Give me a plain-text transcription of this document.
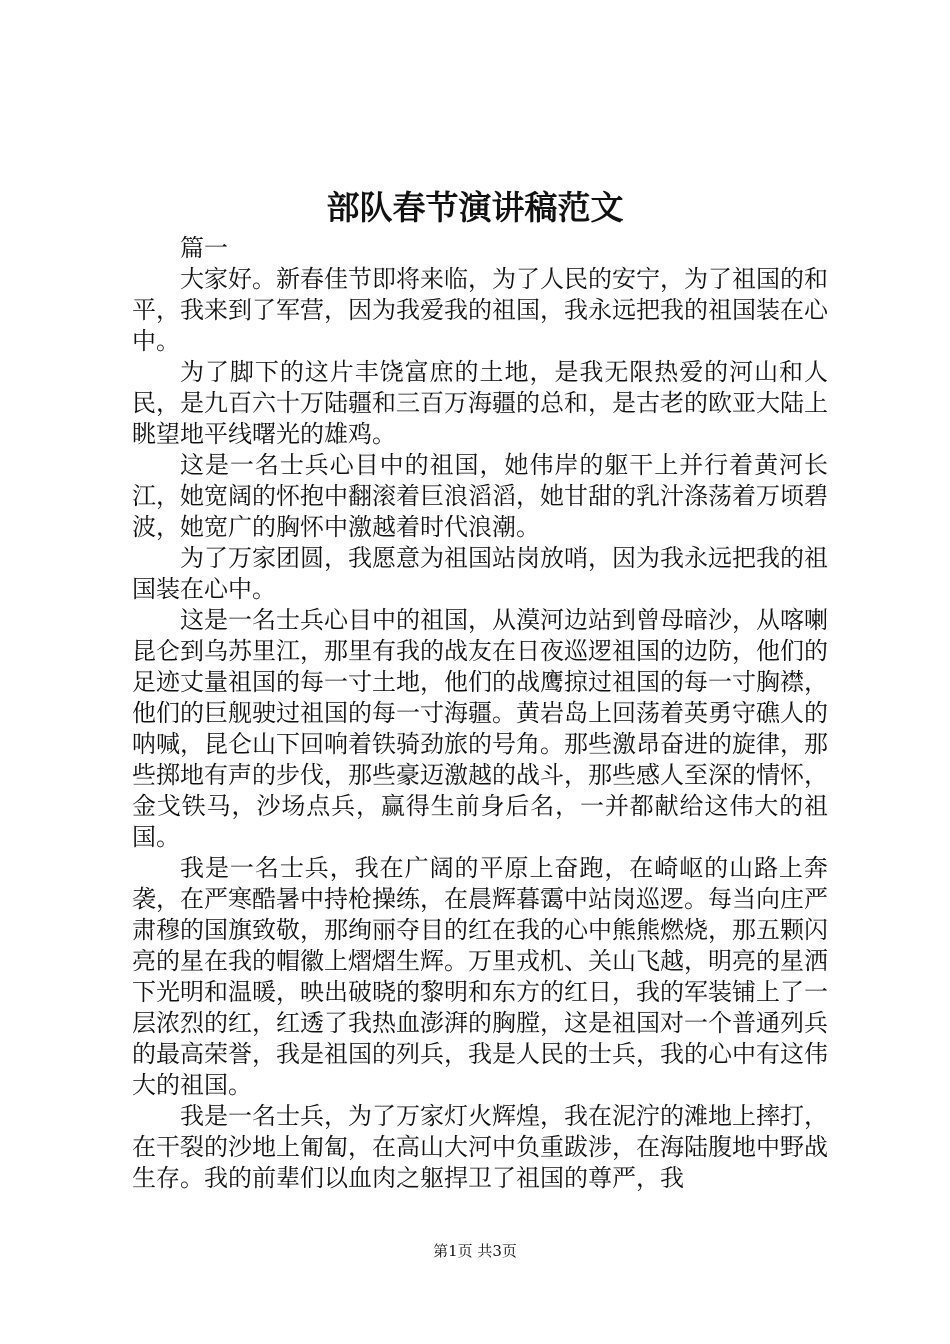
部队春节演讲稿范文

篇一

大家好。新春佳节即将来临，为了人民的安宁，为了祖国的和平，我来到了军营，因为我爱我的祖国，我永远把我的祖国装在心中。

为了脚下的这片丰饶富庶的土地，是我无限热爱的河山和人民，是九百六十万陆疆和三百万海疆的总和，是古老的欧亚大陆上眺望地平线曙光的雄鸡。

这是一名士兵心目中的祖国，她伟岸的躯干上并行着黄河长江，她宽阔的怀抱中翻滚着巨浪滔滔，她甘甜的乳汁涤荡着万顷碧波，她宽广的胸怀中激越着时代浪潮。

为了万家团圆，我愿意为祖国站岗放哨，因为我永远把我的祖国装在心中。

这是一名士兵心目中的祖国，从漠河边站到曾母暗沙，从喀喇昆仑到乌苏里江，那里有我的战友在日夜巡逻祖国的边防，他们的足迹丈量祖国的每一寸土地，他们的战鹰掠过祖国的每一寸胸襟，他们的巨舰驶过祖国的每一寸海疆。黄岩岛上回荡着英勇守礁人的呐喊，昆仑山下回响着铁骑劲旅的号角。那些激昂奋进的旋律，那些掷地有声的步伐，那些豪迈激越的战斗，那些感人至深的情怀，金戈铁马，沙场点兵，赢得生前身后名，一并都献给这伟大的祖国。

我是一名士兵，我在广阔的平原上奋跑，在崎岖的山路上奔袭，在严寒酷暑中持枪操练，在晨辉暮霭中站岗巡逻。每当向庄严肃穆的国旗致敬，那绚丽夺目的红在我的心中熊熊燃烧，那五颗闪亮的星在我的帽徽上熠熠生辉。万里戎机、关山飞越，明亮的星洒下光明和温暖，映出破晓的黎明和东方的红日，我的军装铺上了一层浓烈的红，红透了我热血澎湃的胸膛，这是祖国对一个普通列兵的最高荣誉，我是祖国的列兵，我是人民的士兵，我的心中有这伟大的祖国。

我是一名士兵，为了万家灯火辉煌，我在泥泞的滩地上摔打，在干裂的沙地上匍匐，在高山大河中负重跋涉，在海陆腹地中野战生存。我的前辈们以血肉之躯捍卫了祖国的尊严，我

第1页 共3页
